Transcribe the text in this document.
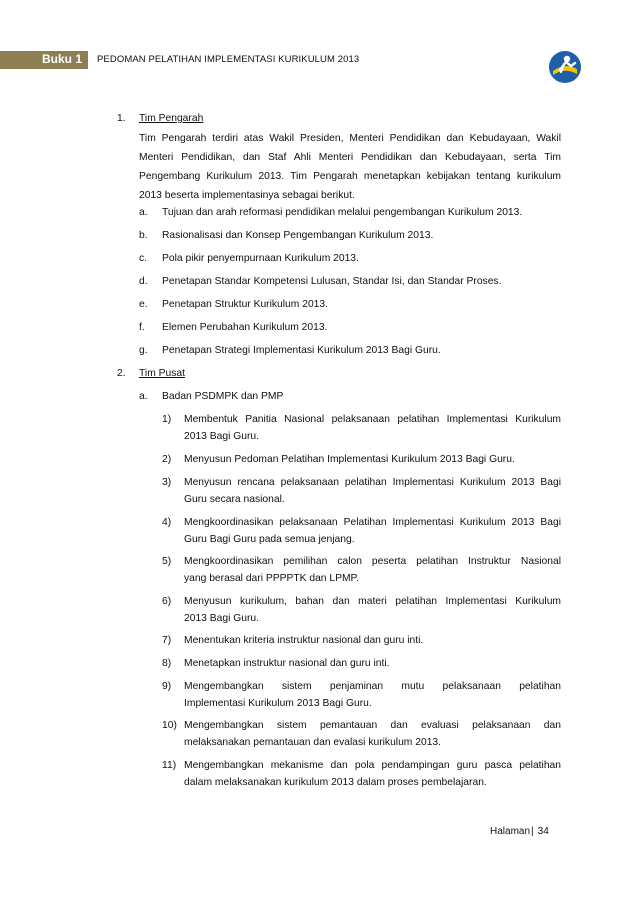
Buku 1 PEDOMAN PELATIHAN IMPLEMENTASI KURIKULUM 2013
1. Tim Pengarah
Tim Pengarah terdiri atas Wakil Presiden, Menteri Pendidikan dan Kebudayaan, Wakil
Menteri Pendidikan, dan Staf Ahli Menteri Pendidikan dan Kebudayaan, serta Tim
Pengembang Kurikulum 2013. Tim Pengarah menetapkan kebijakan tentang kurikulum
2013 beserta implementasinya sebagai berikut.
a. Tujuan dan arah reformasi pendidikan melalui pengembangan Kurikulum 2013.
b. Rasionalisasi dan Konsep Pengembangan Kurikulum 2013.
c. Pola pikir penyempurnaan Kurikulum 2013.
d. Penetapan Standar Kompetensi Lulusan, Standar Isi, dan Standar Proses.
e. Penetapan Struktur Kurikulum 2013.
f. Elemen Perubahan Kurikulum 2013.
g. Penetapan Strategi Implementasi Kurikulum 2013 Bagi Guru.
2. Tim Pusat
a. Badan PSDMPK dan PMP
1) Membentuk Panitia Nasional pelaksanaan pelatihan Implementasi Kurikulum
2013 Bagi Guru.
2) Menyusun Pedoman Pelatihan Implementasi Kurikulum 2013 Bagi Guru.
3) Menyusun rencana pelaksanaan pelatihan Implementasi Kurikulum 2013 Bagi
Guru secara nasional.
4) Mengkoordinasikan pelaksanaan Pelatihan Implementasi Kurikulum 2013 Bagi
Guru Bagi Guru pada semua jenjang.
5) Mengkoordinasikan pemilihan calon peserta pelatihan Instruktur Nasional
yang berasal dari PPPPTK dan LPMP.
6) Menyusun kurikulum, bahan dan materi pelatihan Implementasi Kurikulum
2013 Bagi Guru.
7) Menentukan kriteria instruktur nasional dan guru inti.
8) Menetapkan instruktur nasional dan guru inti.
9) Mengembangkan sistem penjaminan mutu pelaksanaan pelatihan
Implementasi Kurikulum 2013 Bagi Guru.
10) Mengembangkan sistem pemantauan dan evaluasi pelaksanaan dan
melaksanakan pemantauan dan evalasi kurikulum 2013.
11) Mengembangkan mekanisme dan pola pendampingan guru pasca pelatihan
dalam melaksanakan kurikulum 2013 dalam proses pembelajaran.
Halaman| 34
